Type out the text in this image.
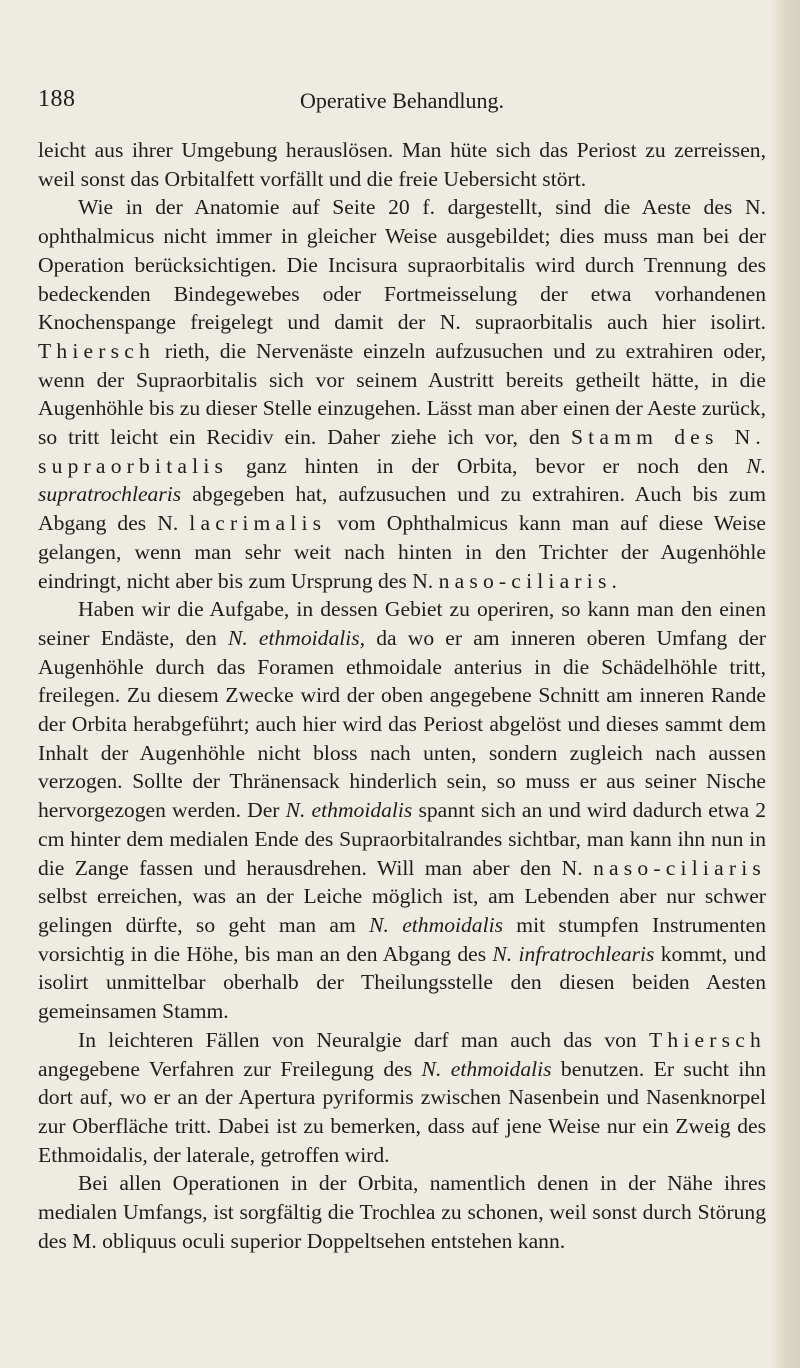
188	Operative Behandlung.

leicht aus ihrer Umgebung herauslösen. Man hüte sich das Periost zu zerreissen, weil sonst das Orbitalfett vorfällt und die freie Uebersicht stört.

Wie in der Anatomie auf Seite 20 f. dargestellt, sind die Aeste des N. ophthalmicus nicht immer in gleicher Weise ausgebildet; dies muss man bei der Operation berücksichtigen. Die Incisura supraorbitalis wird durch Trennung des bedeckenden Bindegewebes oder Fortmeisselung der etwa vorhandenen Knochenspange freigelegt und damit der N. supraorbitalis auch hier isolirt. Thiersch rieth, die Nervenäste einzeln aufzusuchen und zu extrahiren oder, wenn der Supraorbitalis sich vor seinem Austritt bereits getheilt hätte, in die Augenhöhle bis zu dieser Stelle einzugehen. Lässt man aber einen der Aeste zurück, so tritt leicht ein Recidiv ein. Daher ziehe ich vor, den Stamm des N. supraorbitalis ganz hinten in der Orbita, bevor er noch den N. supratrochlearis abgegeben hat, aufzusuchen und zu extrahiren. Auch bis zum Abgang des N. lacrimalis vom Ophthalmicus kann man auf diese Weise gelangen, wenn man sehr weit nach hinten in den Trichter der Augenhöhle eindringt, nicht aber bis zum Ursprung des N. naso-ciliaris.

Haben wir die Aufgabe, in dessen Gebiet zu operiren, so kann man den einen seiner Endäste, den N. ethmoidalis, da wo er am inneren oberen Umfang der Augenhöhle durch das Foramen ethmoidale anterius in die Schädelhöhle tritt, freilegen. Zu diesem Zwecke wird der oben angegebene Schnitt am inneren Rande der Orbita herabgeführt; auch hier wird das Periost abgelöst und dieses sammt dem Inhalt der Augenhöhle nicht bloss nach unten, sondern zugleich nach aussen verzogen. Sollte der Thränensack hinderlich sein, so muss er aus seiner Nische hervorgezogen werden. Der N. ethmoidalis spannt sich an und wird dadurch etwa 2 cm hinter dem medialen Ende des Supraorbitalrandes sichtbar, man kann ihn nun in die Zange fassen und herausdrehen. Will man aber den N. naso-ciliaris selbst erreichen, was an der Leiche möglich ist, am Lebenden aber nur schwer gelingen dürfte, so geht man am N. ethmoidalis mit stumpfen Instrumenten vorsichtig in die Höhe, bis man an den Abgang des N. infratrochlearis kommt, und isolirt unmittelbar oberhalb der Theilungsstelle den diesen beiden Aesten gemeinsamen Stamm.

In leichteren Fällen von Neuralgie darf man auch das von Thiersch angegebene Verfahren zur Freilegung des N. ethmoidalis benutzen. Er sucht ihn dort auf, wo er an der Apertura pyriformis zwischen Nasenbein und Nasenknorpel zur Oberfläche tritt. Dabei ist zu bemerken, dass auf jene Weise nur ein Zweig des Ethmoidalis, der laterale, getroffen wird.

Bei allen Operationen in der Orbita, namentlich denen in der Nähe ihres medialen Umfangs, ist sorgfältig die Trochlea zu schonen, weil sonst durch Störung des M. obliquus oculi superior Doppeltsehen entstehen kann.
